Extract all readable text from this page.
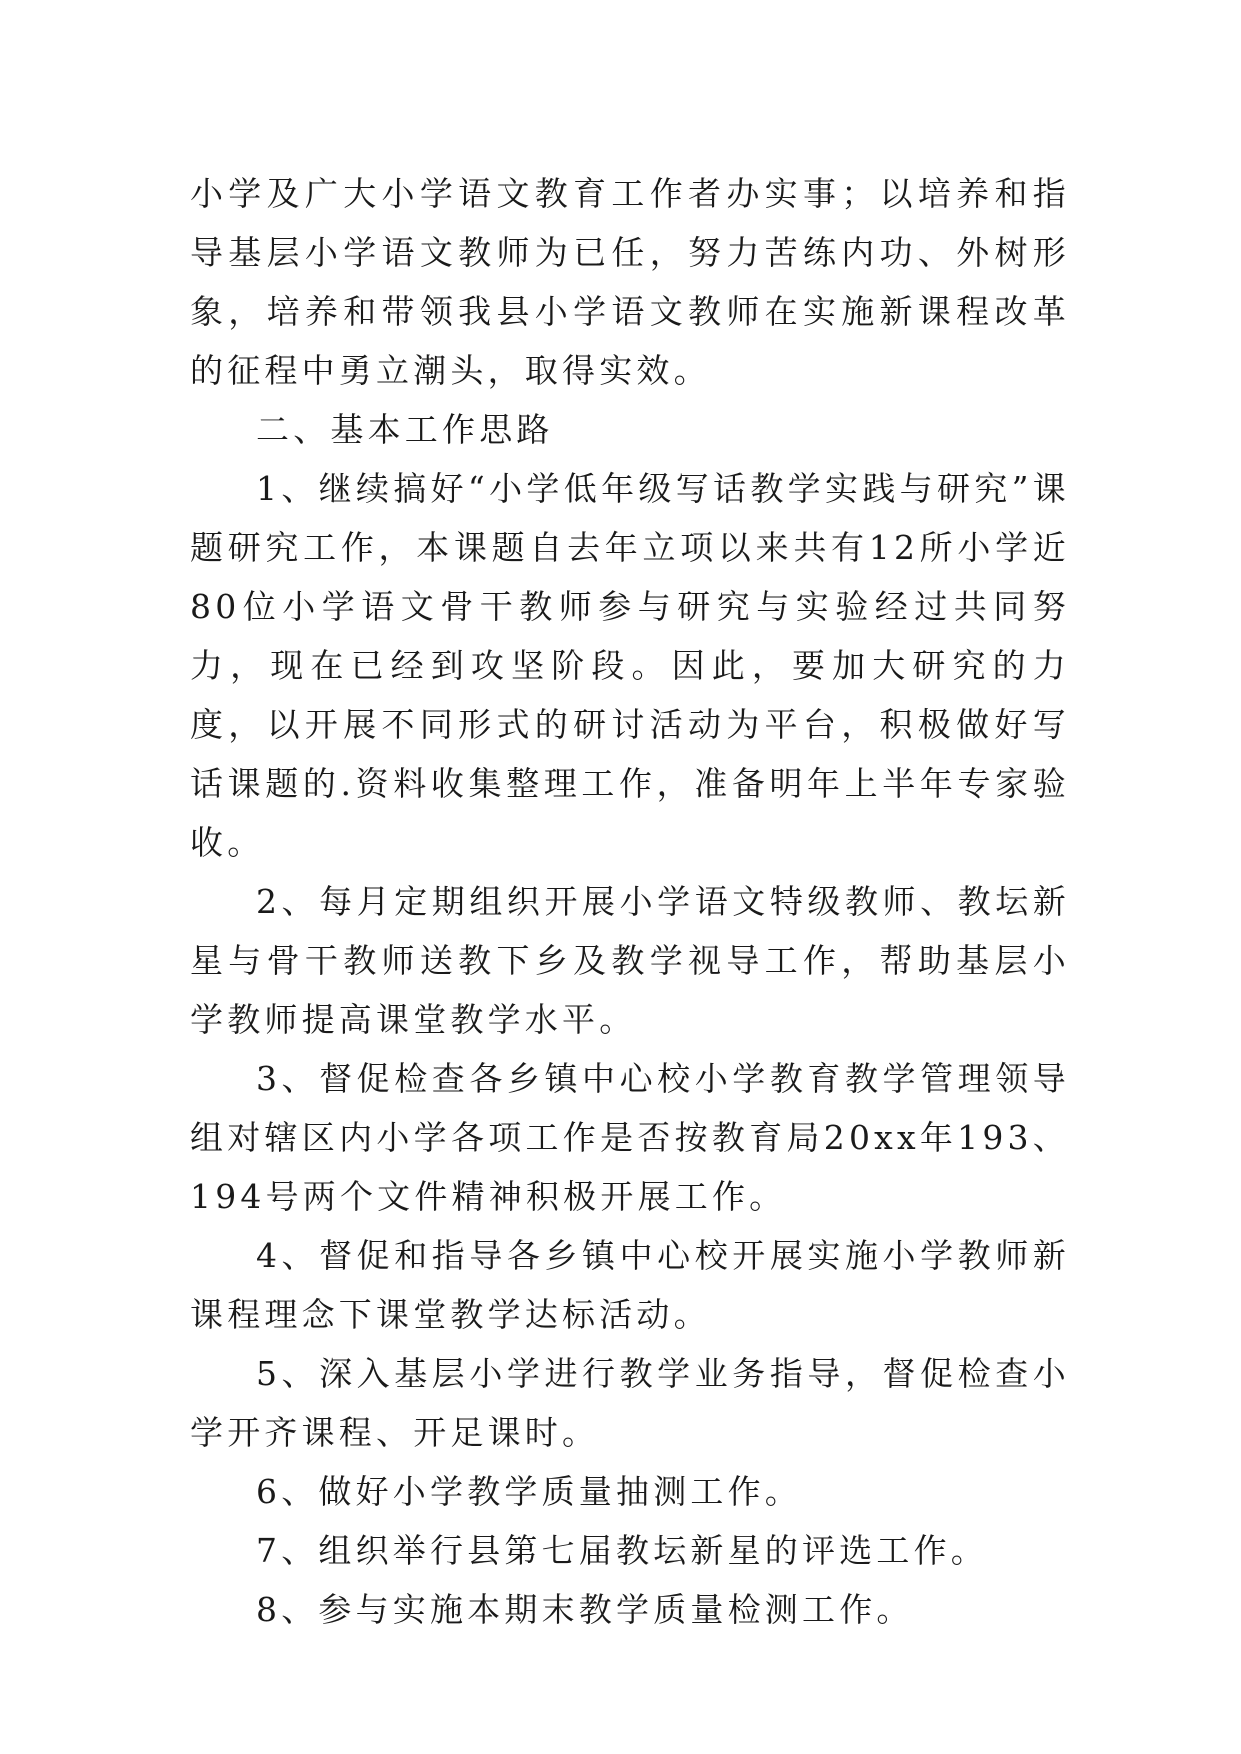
小学及广大小学语文教育工作者办实事；以培养和指导基层小学语文教师为已任，努力苦练内功、外树形象，培养和带领我县小学语文教师在实施新课程改革的征程中勇立潮头，取得实效。

二、基本工作思路

1、继续搞好“小学低年级写话教学实践与研究”课题研究工作，本课题自去年立项以来共有12所小学近80位小学语文骨干教师参与研究与实验经过共同努力，现在已经到攻坚阶段。因此，要加大研究的力度，以开展不同形式的研讨活动为平台，积极做好写话课题的.资料收集整理工作，准备明年上半年专家验收。

2、每月定期组织开展小学语文特级教师、教坛新星与骨干教师送教下乡及教学视导工作，帮助基层小学教师提高课堂教学水平。

3、督促检查各乡镇中心校小学教育教学管理领导组对辖区内小学各项工作是否按教育局20xx年193、194号两个文件精神积极开展工作。

4、督促和指导各乡镇中心校开展实施小学教师新课程理念下课堂教学达标活动。

5、深入基层小学进行教学业务指导，督促检查小学开齐课程、开足课时。

6、做好小学教学质量抽测工作。

7、组织举行县第七届教坛新星的评选工作。

8、参与实施本期末教学质量检测工作。
